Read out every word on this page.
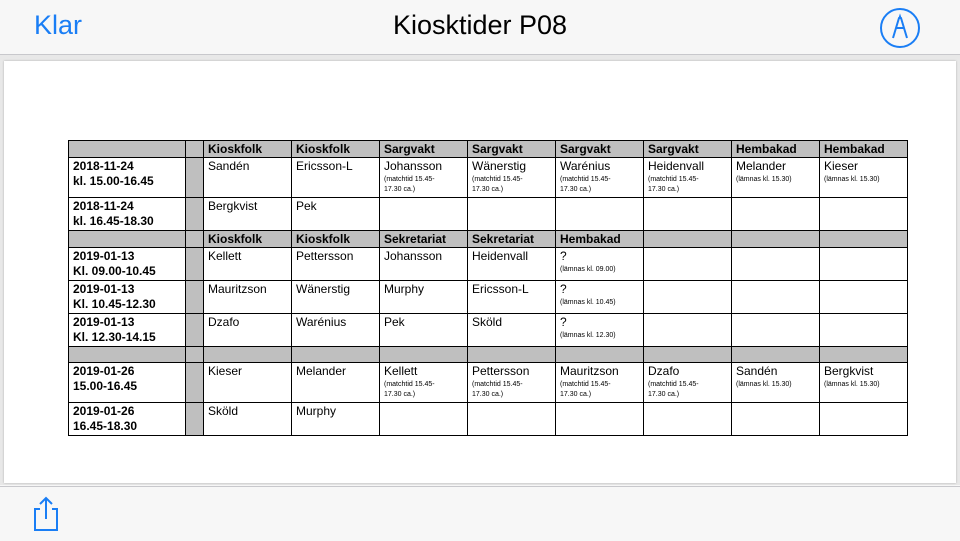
Klar	Kiosktider P08
		Kioskfolk	Kioskfolk	Sargvakt	Sargvakt	Sargvakt	Sargvakt	Hembakad	Hembakad

2018-11-24
kl. 15.00-16.45		Sandén	Ericsson-L	Johansson
(matchtid 15.45-
17.30 ca.)	Wänerstig
(matchtid 15.45-
17.30 ca.)	Warénius
(matchtid 15.45-
17.30 ca.)	Heidenvall
(matchtid 15.45-
17.30 ca.)	Melander
(lämnas kl. 15.30)	Kieser
(lämnas kl. 15.30)

2018-11-24
kl. 16.45-18.30		Bergkvist	Pek						

		Kioskfolk	Kioskfolk	Sekretariat	Sekretariat	Hembakad			

2019-01-13
Kl. 09.00-10.45		Kellett	Pettersson	Johansson	Heidenvall	?
(lämnas kl. 09.00)			

2019-01-13
Kl. 10.45-12.30		Mauritzson	Wänerstig	Murphy	Ericsson-L	?
(lämnas kl. 10.45)			

2019-01-13
Kl. 12.30-14.15		Dzafo	Warénius	Pek	Sköld	?
(lämnas kl. 12.30)			

2019-01-26
15.00-16.45		Kieser	Melander	Kellett
(matchtid 15.45-
17.30 ca.)	Pettersson
(matchtid 15.45-
17.30 ca.)	Mauritzson
(matchtid 15.45-
17.30 ca.)	Dzafo
(matchtid 15.45-
17.30 ca.)	Sandén
(lämnas kl. 15.30)	Bergkvist
(lämnas kl. 15.30)

2019-01-26
16.45-18.30		Sköld	Murphy						
